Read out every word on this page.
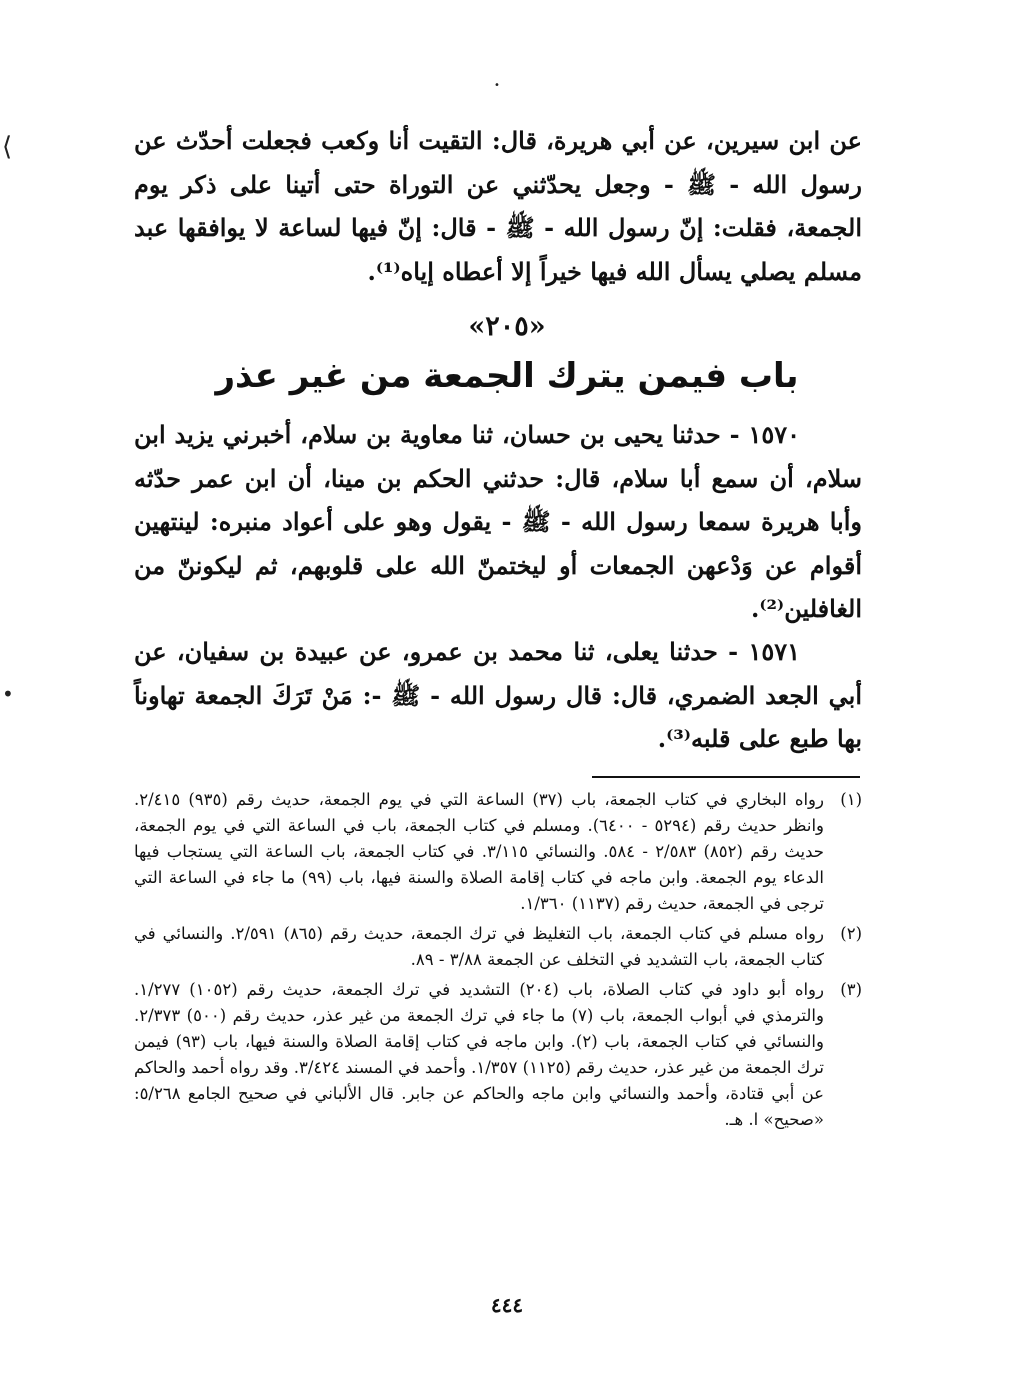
•
⟨
•

عن ابن سيرين، عن أبي هريرة، قال: التقيت أنا وكعب فجعلت أحدّث عن رسول الله - ﷺ - وجعل يحدّثني عن التوراة حتى أتينا على ذكر يوم الجمعة، فقلت: إنّ رسول الله - ﷺ - قال: إنّ فيها لساعة لا يوافقها عبد مسلم يصلي يسأل الله فيها خيراً إلا أعطاه إياه⁽¹⁾.

«٢٠٥»
باب فيمن يترك الجمعة من غير عذر

١٥٧٠ - حدثنا يحيى بن حسان، ثنا معاوية بن سلام، أخبرني يزيد ابن سلام، أن سمع أبا سلام، قال: حدثني الحكم بن مينا، أن ابن عمر حدّثه وأبا هريرة سمعا رسول الله - ﷺ - يقول وهو على أعواد منبره: لينتهين أقوام عن وَدْعهن الجمعات أو ليختمنّ الله على قلوبهم، ثم ليكوننّ من الغافلين⁽²⁾.

١٥٧١ - حدثنا يعلى، ثنا محمد بن عمرو، عن عبيدة بن سفيان، عن أبي الجعد الضمري، قال: قال رسول الله - ﷺ -: مَنْ تَرَكَ الجمعة تهاوناً بها طبع على قلبه⁽³⁾.

(١)
رواه البخاري في كتاب الجمعة، باب (٣٧) الساعة التي في يوم الجمعة، حديث رقم (٩٣٥) ٢/٤١٥. وانظر حديث رقم (٥٢٩٤ - ٦٤٠٠). ومسلم في كتاب الجمعة، باب في الساعة التي في يوم الجمعة، حديث رقم (٨٥٢) ٢/٥٨٣ - ٥٨٤. والنسائي ٣/١١٥. في كتاب الجمعة، باب الساعة التي يستجاب فيها الدعاء يوم الجمعة. وابن ماجه في كتاب إقامة الصلاة والسنة فيها، باب (٩٩) ما جاء في الساعة التي ترجى في الجمعة، حديث رقم (١١٣٧) ١/٣٦٠.
(٢)
رواه مسلم في كتاب الجمعة، باب التغليظ في ترك الجمعة، حديث رقم (٨٦٥) ٢/٥٩١. والنسائي في كتاب الجمعة، باب التشديد في التخلف عن الجمعة ٣/٨٨ - ٨٩.
(٣)
رواه أبو داود في كتاب الصلاة، باب (٢٠٤) التشديد في ترك الجمعة، حديث رقم (١٠٥٢) ١/٢٧٧. والترمذي في أبواب الجمعة، باب (٧) ما جاء في ترك الجمعة من غير عذر، حديث رقم (٥٠٠) ٢/٣٧٣. والنسائي في كتاب الجمعة، باب (٢). وابن ماجه في كتاب إقامة الصلاة والسنة فيها، باب (٩٣) فيمن ترك الجمعة من غير عذر، حديث رقم (١١٢٥) ١/٣٥٧. وأحمد في المسند ٣/٤٢٤. وقد رواه أحمد والحاكم عن أبي قتادة، وأحمد والنسائي وابن ماجه والحاكم عن جابر. قال الألباني في صحيح الجامع ٥/٢٦٨: «صحيح» ا. هـ.
٤٤٤
